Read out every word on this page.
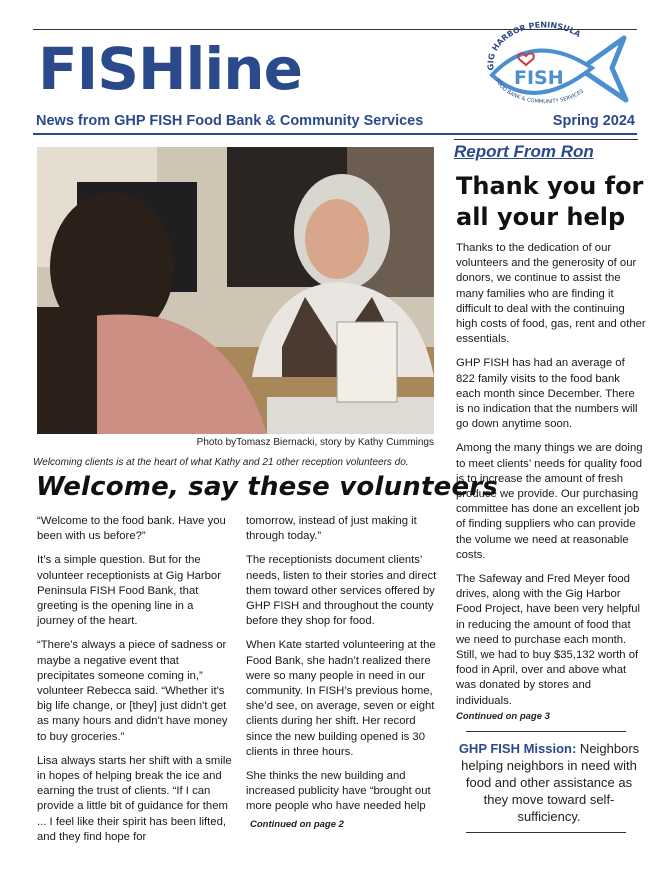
FISHline
News from GHP FISH Food Bank & Community Services	Spring 2024
GIG HARBOR PENINSULA
FISH
FOOD BANK & COMMUNITY SERVICES
Photo byTomasz Biernacki, story by Kathy Cummings
Welcoming clients is at the heart of what Kathy and 21 other reception volunteers do.
Welcome, say these volunteers

“Welcome to the food bank. Have you been with us before?”

It’s a simple question. But for the volunteer receptionists at Gig Harbor Peninsula FISH Food Bank, that greeting is the opening line in a journey of the heart.

“There's always a piece of sadness or maybe a negative event that precipitates someone coming in,” volunteer Rebecca said. “Whether it's big life change, or [they] just didn't get as many hours and didn't have money to buy groceries.”

Lisa always starts her shift with a smile in hopes of helping break the ice and earning the trust of clients. “If I can provide a little bit of guidance for them ... I feel like their spirit has been lifted, and they find hope for

tomorrow, instead of just making it through today.”

The receptionists document clients’ needs, listen to their stories and direct them toward other services offered by GHP FISH and throughout the county before they shop for food.

When Kate started volunteering at the Food Bank, she hadn’t realized there were so many people in need in our community. In FISH’s previous home, she’d see, on average, seven or eight clients during her shift. Her record since the new building opened is 30 clients in three hours.

She thinks the new building and increased publicity have “brought out more people who have needed help

Continued on page 2
Report From Ron
Thank you for all your help

Thanks to the dedication of our volunteers and the generosity of our donors, we continue to assist the many families who are finding it difficult to deal with the continuing high costs of food, gas, rent and other essentials.

GHP FISH has had an average of 822 family visits to the food bank each month since December. There is no indication that the numbers will go down anytime soon.

Among the many things we are doing to meet clients’ needs for quality food is to increase the amount of fresh produce we provide. Our purchasing committee has done an excellent job of finding suppliers who can provide the volume we need at reasonable costs.

The Safeway and Fred Meyer food drives, along with the Gig Harbor Food Project, have been very helpful in reducing the amount of food that we need to purchase each month. Still, we had to buy $35,132 worth of food in April, over and above what was donated by stores and individuals.

Continued on page 3
GHP FISH Mission: Neighbors helping neighbors in need with food and other assistance as they move toward self-sufficiency.
